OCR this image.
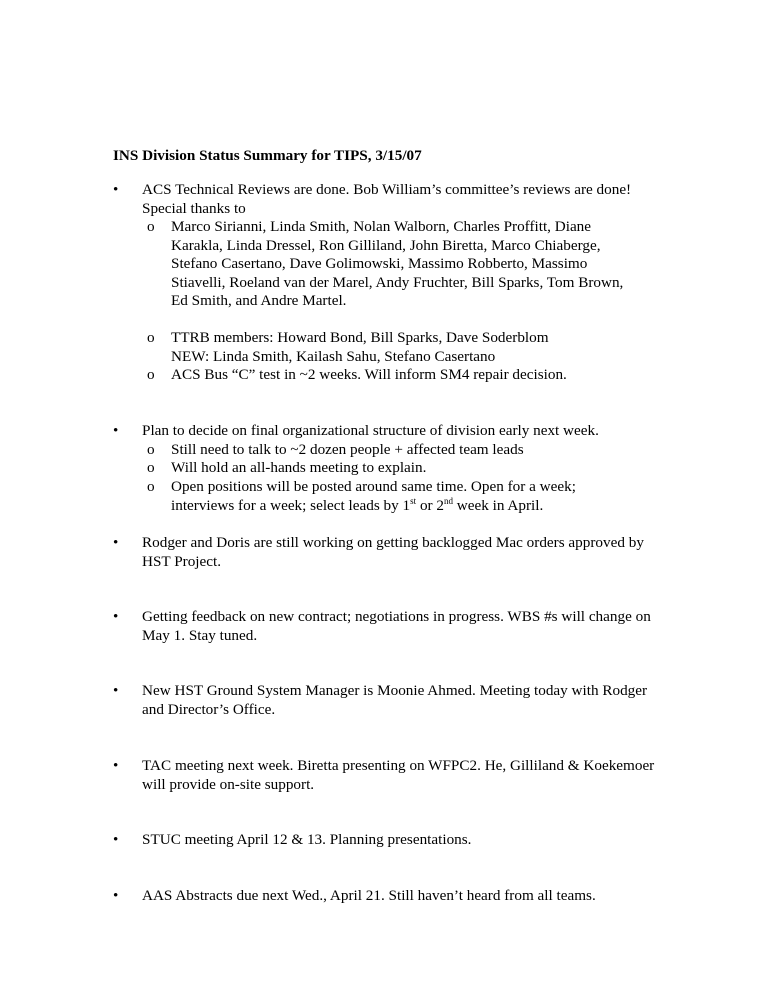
INS Division Status Summary for TIPS, 3/15/07
• ACS Technical Reviews are done. Bob William’s committee’s reviews are done!
Special thanks to
o Marco Sirianni, Linda Smith, Nolan Walborn, Charles Proffitt, Diane
Karakla, Linda Dressel, Ron Gilliland, John Biretta, Marco Chiaberge,
Stefano Casertano, Dave Golimowski, Massimo Robberto, Massimo
Stiavelli, Roeland van der Marel, Andy Fruchter, Bill Sparks, Tom Brown,
Ed Smith, and Andre Martel.
o TTRB members: Howard Bond, Bill Sparks, Dave Soderblom
NEW: Linda Smith, Kailash Sahu, Stefano Casertano
o ACS Bus “C” test in ~2 weeks. Will inform SM4 repair decision.
• Plan to decide on final organizational structure of division early next week.
o Still need to talk to ~2 dozen people + affected team leads
o Will hold an all-hands meeting to explain.
o Open positions will be posted around same time. Open for a week;
interviews for a week; select leads by 1st or 2nd week in April.
• Rodger and Doris are still working on getting backlogged Mac orders approved by
HST Project.
• Getting feedback on new contract; negotiations in progress. WBS #s will change on
May 1. Stay tuned.
• New HST Ground System Manager is Moonie Ahmed. Meeting today with Rodger
and Director’s Office.
• TAC meeting next week. Biretta presenting on WFPC2. He, Gilliland & Koekemoer
will provide on-site support.
• STUC meeting April 12 & 13. Planning presentations.
• AAS Abstracts due next Wed., April 21. Still haven’t heard from all teams.
